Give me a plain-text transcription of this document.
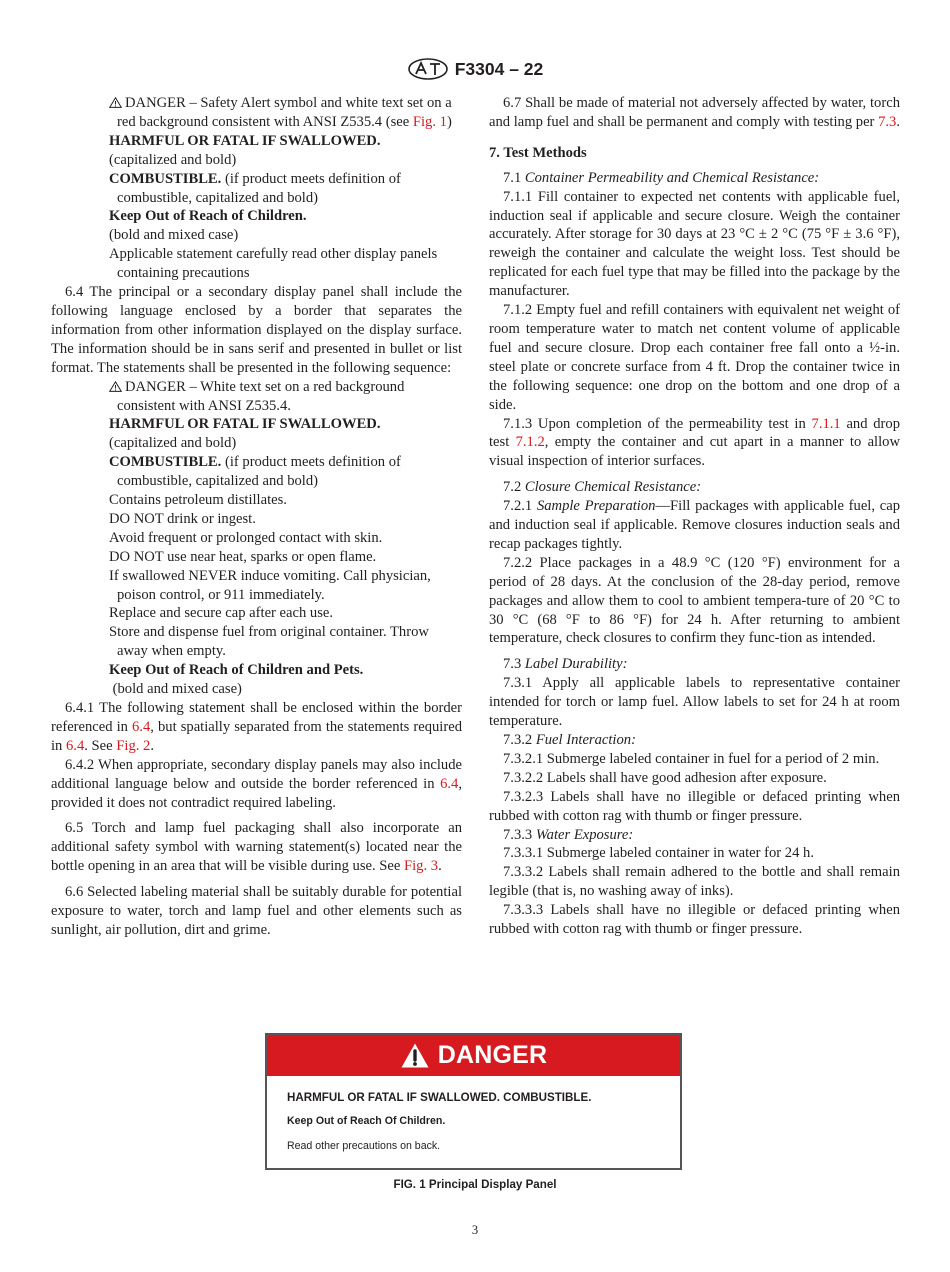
F3304 – 22
DANGER – Safety Alert symbol and white text set on a red background consistent with ANSI Z535.4 (see Fig. 1)
HARMFUL OR FATAL IF SWALLOWED.
(capitalized and bold)
COMBUSTIBLE. (if product meets definition of combustible, capitalized and bold)
Keep Out of Reach of Children.
(bold and mixed case)
Applicable statement carefully read other display panels containing precautions

6.4 The principal or a secondary display panel shall include the following language enclosed by a border that separates the information from other information displayed on the display surface. The information should be in sans serif and presented in bullet or list format. The statements shall be presented in the following sequence:

DANGER – White text set on a red background consistent with ANSI Z535.4.
HARMFUL OR FATAL IF SWALLOWED.
(capitalized and bold)
COMBUSTIBLE. (if product meets definition of combustible, capitalized and bold)
Contains petroleum distillates.
DO NOT drink or ingest.
Avoid frequent or prolonged contact with skin.
DO NOT use near heat, sparks or open flame.
If swallowed NEVER induce vomiting. Call physician, poison control, or 911 immediately.
Replace and secure cap after each use.
Store and dispense fuel from original container. Throw away when empty.
Keep Out of Reach of Children and Pets.
(bold and mixed case)

6.4.1 The following statement shall be enclosed within the border referenced in 6.4, but spatially separated from the statements required in 6.4. See Fig. 2.

6.4.2 When appropriate, secondary display panels may also include additional language below and outside the border referenced in 6.4, provided it does not contradict required labeling.

6.5 Torch and lamp fuel packaging shall also incorporate an additional safety symbol with warning statement(s) located near the bottle opening in an area that will be visible during use. See Fig. 3.

6.6 Selected labeling material shall be suitably durable for potential exposure to water, torch and lamp fuel and other elements such as sunlight, air pollution, dirt and grime.

6.7 Shall be made of material not adversely affected by water, torch and lamp fuel and shall be permanent and comply with testing per 7.3.

7. Test Methods

7.1 Container Permeability and Chemical Resistance:

7.1.1 Fill container to expected net contents with applicable fuel, induction seal if applicable and secure closure. Weigh the container accurately. After storage for 30 days at 23 °C ± 2 °C (75 °F ± 3.6 °F), reweigh the container and calculate the weight loss. Test should be replicated for each fuel type that may be filled into the package by the manufacturer.

7.1.2 Empty fuel and refill containers with equivalent net weight of room temperature water to match net content volume of applicable fuel and secure closure. Drop each container free fall onto a ½-in. steel plate or concrete surface from 4 ft. Drop the container twice in the following sequence: one drop on the bottom and one drop of a side.

7.1.3 Upon completion of the permeability test in 7.1.1 and drop test 7.1.2, empty the container and cut apart in a manner to allow visual inspection of interior surfaces.

7.2 Closure Chemical Resistance:

7.2.1 Sample Preparation—Fill packages with applicable fuel, cap and induction seal if applicable. Remove closures induction seals and recap packages tightly.

7.2.2 Place packages in a 48.9 °C (120 °F) environment for a period of 28 days. At the conclusion of the 28-day period, remove packages and allow them to cool to ambient tempera-ture of 20 °C to 30 °C (68 °F to 86 °F) for 24 h. After returning to ambient temperature, check closures to confirm they func-tion as intended.

7.3 Label Durability:

7.3.1 Apply all applicable labels to representative container intended for torch or lamp fuel. Allow labels to set for 24 h at room temperature.

7.3.2 Fuel Interaction:

7.3.2.1 Submerge labeled container in fuel for a period of 2 min.

7.3.2.2 Labels shall have good adhesion after exposure.

7.3.2.3 Labels shall have no illegible or defaced printing when rubbed with cotton rag with thumb or finger pressure.

7.3.3 Water Exposure:

7.3.3.1 Submerge labeled container in water for 24 h.

7.3.3.2 Labels shall remain adhered to the bottle and shall remain legible (that is, no washing away of inks).

7.3.3.3 Labels shall have no illegible or defaced printing when rubbed with cotton rag with thumb or finger pressure.

DANGER
HARMFUL OR FATAL IF SWALLOWED. COMBUSTIBLE.
Keep Out of Reach Of Children.
Read other precautions on back.
FIG. 1 Principal Display Panel
3
